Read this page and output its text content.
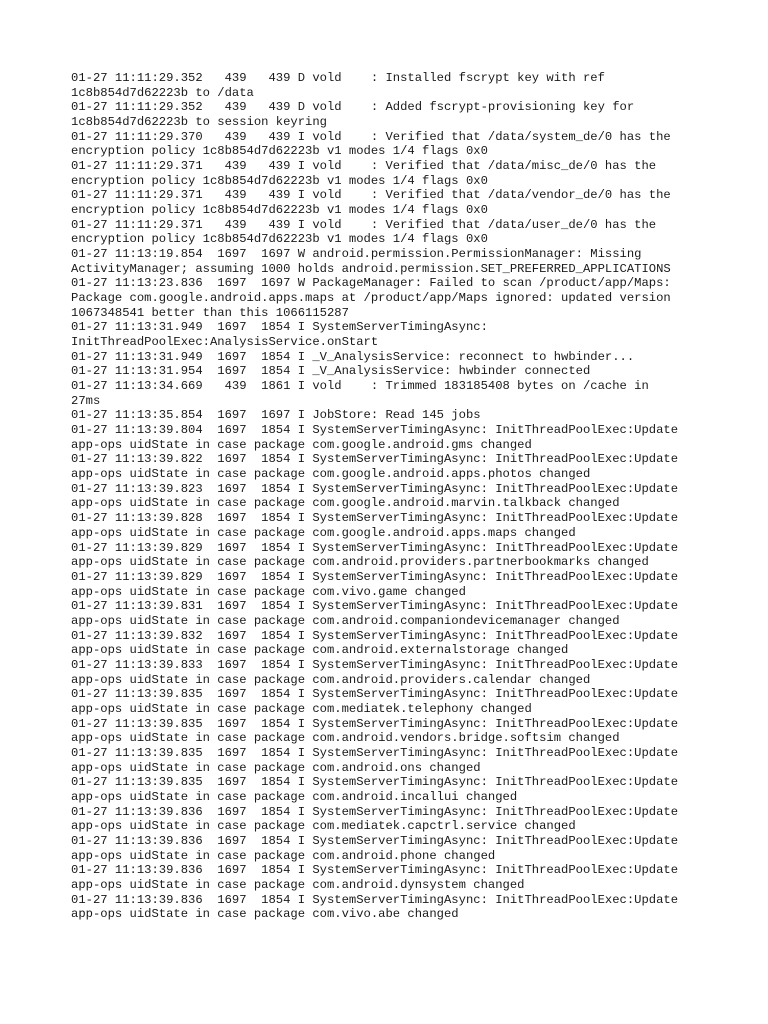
01-27 11:11:29.352   439   439 D vold    : Installed fscrypt key with ref
1c8b854d7d62223b to /data
01-27 11:11:29.352   439   439 D vold    : Added fscrypt-provisioning key for
1c8b854d7d62223b to session keyring
01-27 11:11:29.370   439   439 I vold    : Verified that /data/system_de/0 has the
encryption policy 1c8b854d7d62223b v1 modes 1/4 flags 0x0
01-27 11:11:29.371   439   439 I vold    : Verified that /data/misc_de/0 has the
encryption policy 1c8b854d7d62223b v1 modes 1/4 flags 0x0
01-27 11:11:29.371   439   439 I vold    : Verified that /data/vendor_de/0 has the
encryption policy 1c8b854d7d62223b v1 modes 1/4 flags 0x0
01-27 11:11:29.371   439   439 I vold    : Verified that /data/user_de/0 has the
encryption policy 1c8b854d7d62223b v1 modes 1/4 flags 0x0
01-27 11:13:19.854  1697  1697 W android.permission.PermissionManager: Missing
ActivityManager; assuming 1000 holds android.permission.SET_PREFERRED_APPLICATIONS
01-27 11:13:23.836  1697  1697 W PackageManager: Failed to scan /product/app/Maps:
Package com.google.android.apps.maps at /product/app/Maps ignored: updated version
1067348541 better than this 1066115287
01-27 11:13:31.949  1697  1854 I SystemServerTimingAsync:
InitThreadPoolExec:AnalysisService.onStart
01-27 11:13:31.949  1697  1854 I _V_AnalysisService: reconnect to hwbinder...
01-27 11:13:31.954  1697  1854 I _V_AnalysisService: hwbinder connected
01-27 11:13:34.669   439  1861 I vold    : Trimmed 183185408 bytes on /cache in
27ms
01-27 11:13:35.854  1697  1697 I JobStore: Read 145 jobs
01-27 11:13:39.804  1697  1854 I SystemServerTimingAsync: InitThreadPoolExec:Update
app-ops uidState in case package com.google.android.gms changed
01-27 11:13:39.822  1697  1854 I SystemServerTimingAsync: InitThreadPoolExec:Update
app-ops uidState in case package com.google.android.apps.photos changed
01-27 11:13:39.823  1697  1854 I SystemServerTimingAsync: InitThreadPoolExec:Update
app-ops uidState in case package com.google.android.marvin.talkback changed
01-27 11:13:39.828  1697  1854 I SystemServerTimingAsync: InitThreadPoolExec:Update
app-ops uidState in case package com.google.android.apps.maps changed
01-27 11:13:39.829  1697  1854 I SystemServerTimingAsync: InitThreadPoolExec:Update
app-ops uidState in case package com.android.providers.partnerbookmarks changed
01-27 11:13:39.829  1697  1854 I SystemServerTimingAsync: InitThreadPoolExec:Update
app-ops uidState in case package com.vivo.game changed
01-27 11:13:39.831  1697  1854 I SystemServerTimingAsync: InitThreadPoolExec:Update
app-ops uidState in case package com.android.companiondevicemanager changed
01-27 11:13:39.832  1697  1854 I SystemServerTimingAsync: InitThreadPoolExec:Update
app-ops uidState in case package com.android.externalstorage changed
01-27 11:13:39.833  1697  1854 I SystemServerTimingAsync: InitThreadPoolExec:Update
app-ops uidState in case package com.android.providers.calendar changed
01-27 11:13:39.835  1697  1854 I SystemServerTimingAsync: InitThreadPoolExec:Update
app-ops uidState in case package com.mediatek.telephony changed
01-27 11:13:39.835  1697  1854 I SystemServerTimingAsync: InitThreadPoolExec:Update
app-ops uidState in case package com.android.vendors.bridge.softsim changed
01-27 11:13:39.835  1697  1854 I SystemServerTimingAsync: InitThreadPoolExec:Update
app-ops uidState in case package com.android.ons changed
01-27 11:13:39.835  1697  1854 I SystemServerTimingAsync: InitThreadPoolExec:Update
app-ops uidState in case package com.android.incallui changed
01-27 11:13:39.836  1697  1854 I SystemServerTimingAsync: InitThreadPoolExec:Update
app-ops uidState in case package com.mediatek.capctrl.service changed
01-27 11:13:39.836  1697  1854 I SystemServerTimingAsync: InitThreadPoolExec:Update
app-ops uidState in case package com.android.phone changed
01-27 11:13:39.836  1697  1854 I SystemServerTimingAsync: InitThreadPoolExec:Update
app-ops uidState in case package com.android.dynsystem changed
01-27 11:13:39.836  1697  1854 I SystemServerTimingAsync: InitThreadPoolExec:Update
app-ops uidState in case package com.vivo.abe changed
